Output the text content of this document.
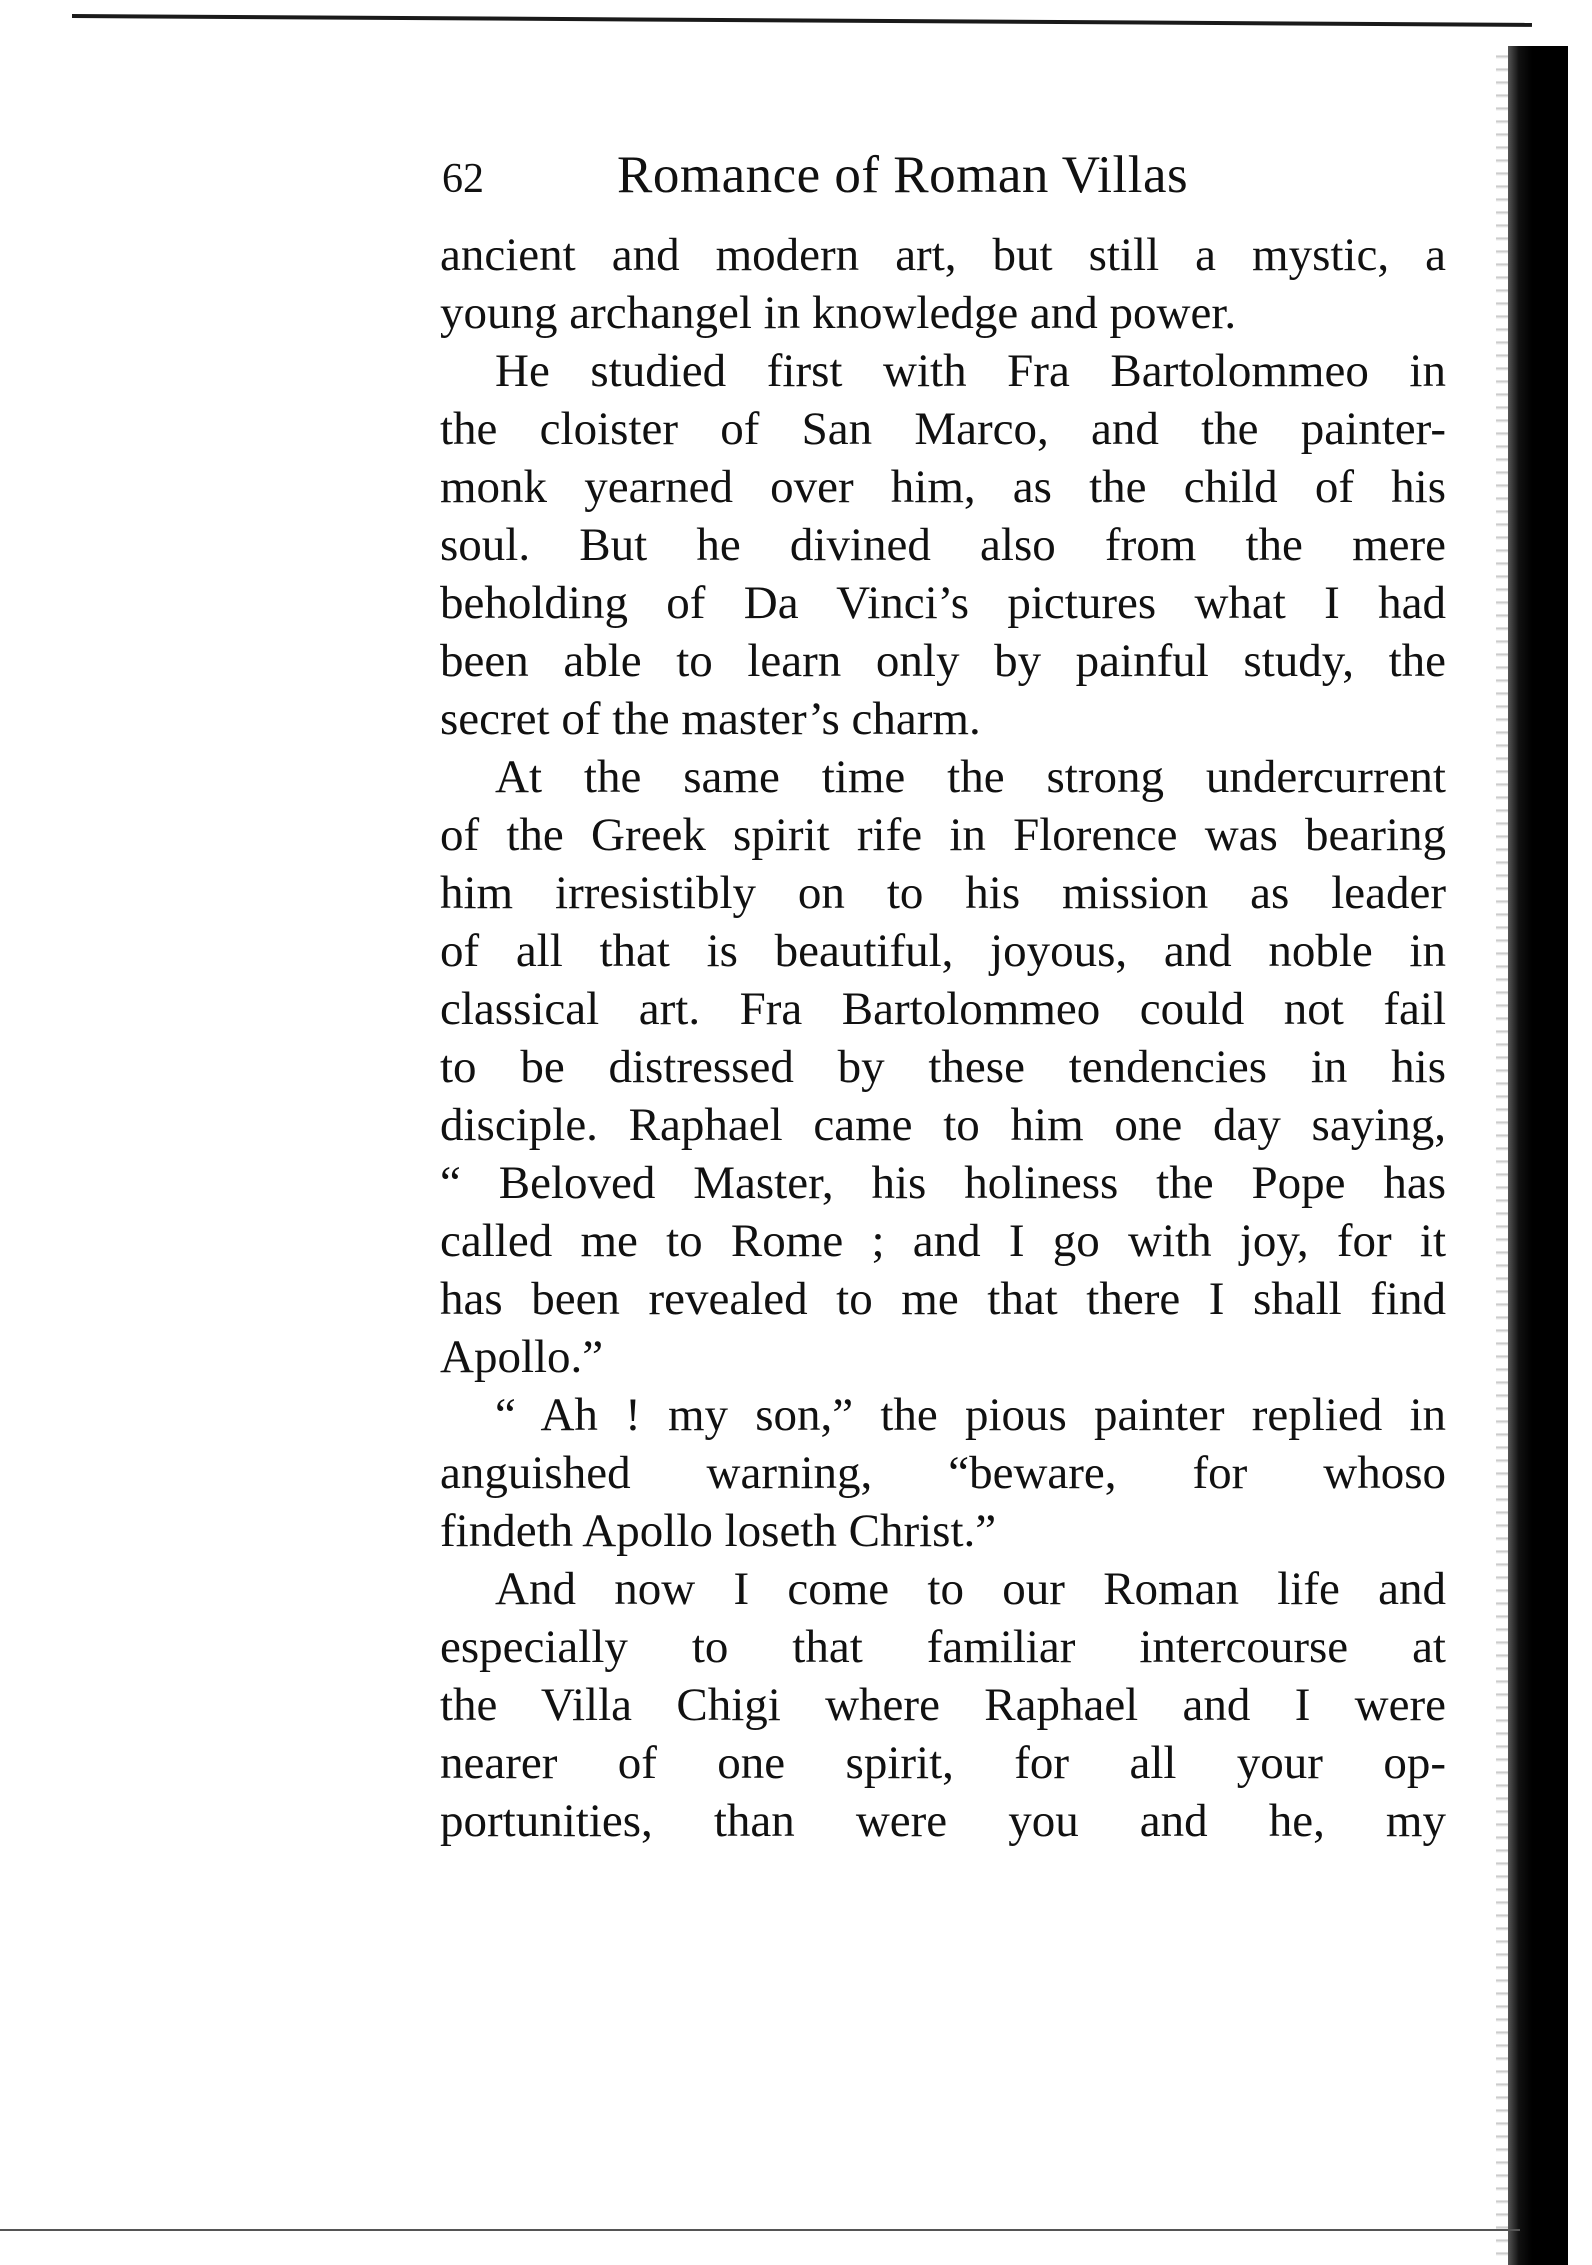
62	Romance of Roman Villas
ancient and modern art, but still a mystic, a
young archangel in knowledge and power.
He studied first with Fra Bartolommeo in
the cloister of San Marco, and the painter-
monk yearned over him, as the child of his
soul. But he divined also from the mere
beholding of Da Vinci’s pictures what I had
been able to learn only by painful study, the
secret of the master’s charm.
At the same time the strong undercurrent
of the Greek spirit rife in Florence was bearing
him irresistibly on to his mission as leader
of all that is beautiful, joyous, and noble in
classical art. Fra Bartolommeo could not fail
to be distressed by these tendencies in his
disciple. Raphael came to him one day saying,
“ Beloved Master, his holiness the Pope has
called me to Rome ; and I go with joy, for it
has been revealed to me that there I shall find
Apollo.”
“ Ah ! my son,” the pious painter replied in
anguished warning, “beware, for whoso
findeth Apollo loseth Christ.”
And now I come to our Roman life and
especially to that familiar intercourse at
the Villa Chigi where Raphael and I were
nearer of one spirit, for all your op-
portunities, than were you and he, my
